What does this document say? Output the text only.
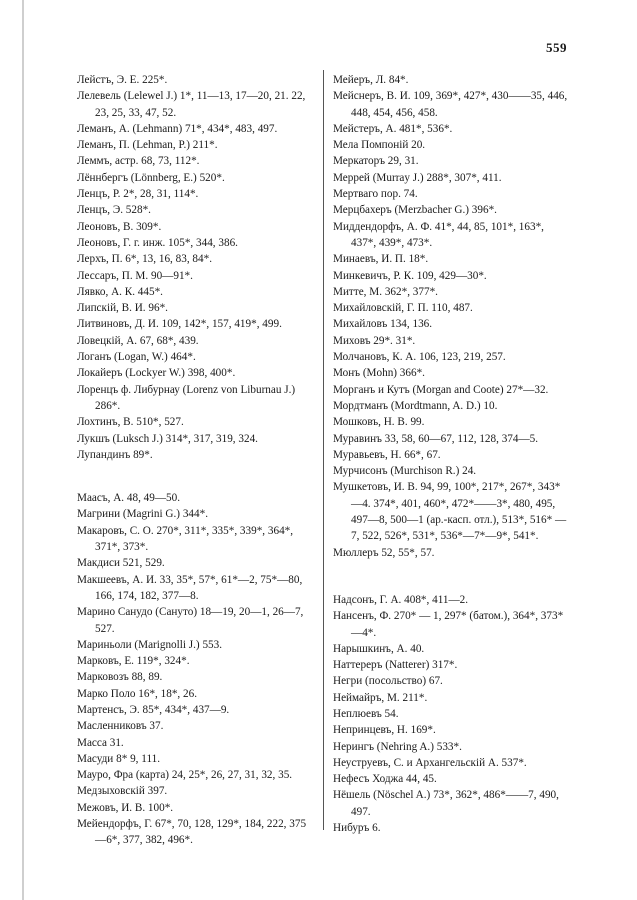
559

Лейстъ, Э. Е. 225*.

Лелевель (Lelewel J.) 1*, 11—13, 17—20, 21. 22, 23, 25, 33, 47, 52.

Леманъ, А. (Lehmann) 71*, 434*, 483, 497.

Леманъ, П. (Lehman, P.) 211*.

Леммъ, астр. 68, 73, 112*.

Лённбергъ (Lönnberg, E.) 520*.

Ленцъ, Р. 2*, 28, 31, 114*.

Ленцъ, Э. 528*.

Леоновъ, В. 309*.

Леоновъ, Г. г. инж. 105*, 344, 386.

Лерхъ, П. 6*, 13, 16, 83, 84*.

Лессаръ, П. М. 90—91*.

Лявко, А. К. 445*.

Липскій, В. И. 96*.

Литвиновъ, Д. И. 109, 142*, 157, 419*, 499.

Ловецкій, А. 67, 68*, 439.

Логанъ (Logan, W.) 464*.

Локайеръ (Lockyer W.) 398, 400*.

Лоренцъ ф. Либурнау (Lorenz von Liburnau J.) 286*.

Лохтинъ, В. 510*, 527.

Лукшъ (Luksch J.) 314*, 317, 319, 324.

Лупандинъ 89*.

Маасъ, А. 48, 49—50.

Магрини (Magrini G.) 344*.

Макаровъ, С. О. 270*, 311*, 335*, 339*, 364*, 371*, 373*.

Макдиси 521, 529.

Макшеевъ, А. И. 33, 35*, 57*, 61*—2, 75*—80, 166, 174, 182, 377—8.

Марино Санудо (Сануто) 18—19, 20—1, 26—7, 527.

Мариньоли (Marignolli J.) 553.

Марковъ, Е. 119*, 324*.

Марковозъ 88, 89.

Марко Поло 16*, 18*, 26.

Мартенсъ, Э. 85*, 434*, 437—9.

Масленниковъ 37.

Масса 31.

Масуди 8* 9, 111.

Мауро, Фра (карта) 24, 25*, 26, 27, 31, 32, 35.

Медзыховскій 397.

Межовъ, И. В. 100*.

Мейендорфъ, Г. 67*, 70, 128, 129*, 184, 222, 375—6*, 377, 382, 496*.

Мейеръ, Л. 84*.

Мейснеръ, В. И. 109, 369*, 427*, 430——35, 446, 448, 454, 456, 458.

Мейстеръ, А. 481*, 536*.

Мела Помпоній 20.

Меркаторъ 29, 31.

Меррей (Murray J.) 288*, 307*, 411.

Мертваго пор. 74.

Мерцбахеръ (Merzbacher G.) 396*.

Миддендорфъ, А. Ф. 41*, 44, 85, 101*, 163*, 437*, 439*, 473*.

Минаевъ, И. П. 18*.

Минкевичъ, Р. К. 109, 429—30*.

Митте, М. 362*, 377*.

Михайловскій, Г. П. 110, 487.

Михайловъ 134, 136.

Миховъ 29*. 31*.

Молчановъ, К. А. 106, 123, 219, 257.

Монъ (Mohn) 366*.

Морганъ и Кутъ (Morgan and Coote) 27*—32.

Мордтманъ (Mordtmann, A. D.) 10.

Мошковъ, Н. В. 99.

Муравинъ 33, 58, 60—67, 112, 128, 374—5.

Муравьевъ, Н. 66*, 67.

Мурчисонъ (Murchison R.) 24.

Мушкетовъ, И. В. 94, 99, 100*, 217*, 267*, 343*—4. 374*, 401, 460*, 472*——3*, 480, 495, 497—8, 500—1 (ар.-касп. отл.), 513*, 516* — 7, 522, 526*, 531*, 536*—7*—9*, 541*.

Мюллеръ 52, 55*, 57.

Надсонъ, Г. А. 408*, 411—2.

Нансенъ, Ф. 270* — 1, 297* (батом.), 364*, 373*—4*.

Нарышкинъ, А. 40.

Наттереръ (Natterer) 317*.

Негри (посольство) 67.

Неймайръ, М. 211*.

Неплюевъ 54.

Непринцевъ, Н. 169*.

Нерингъ (Nehring A.) 533*.

Неуструевъ, С. и Архангельскій А. 537*.

Нефесъ Ходжа 44, 45.

Нёшель (Nöschel A.) 73*, 362*, 486*——7, 490, 497.

Нибуръ 6.
